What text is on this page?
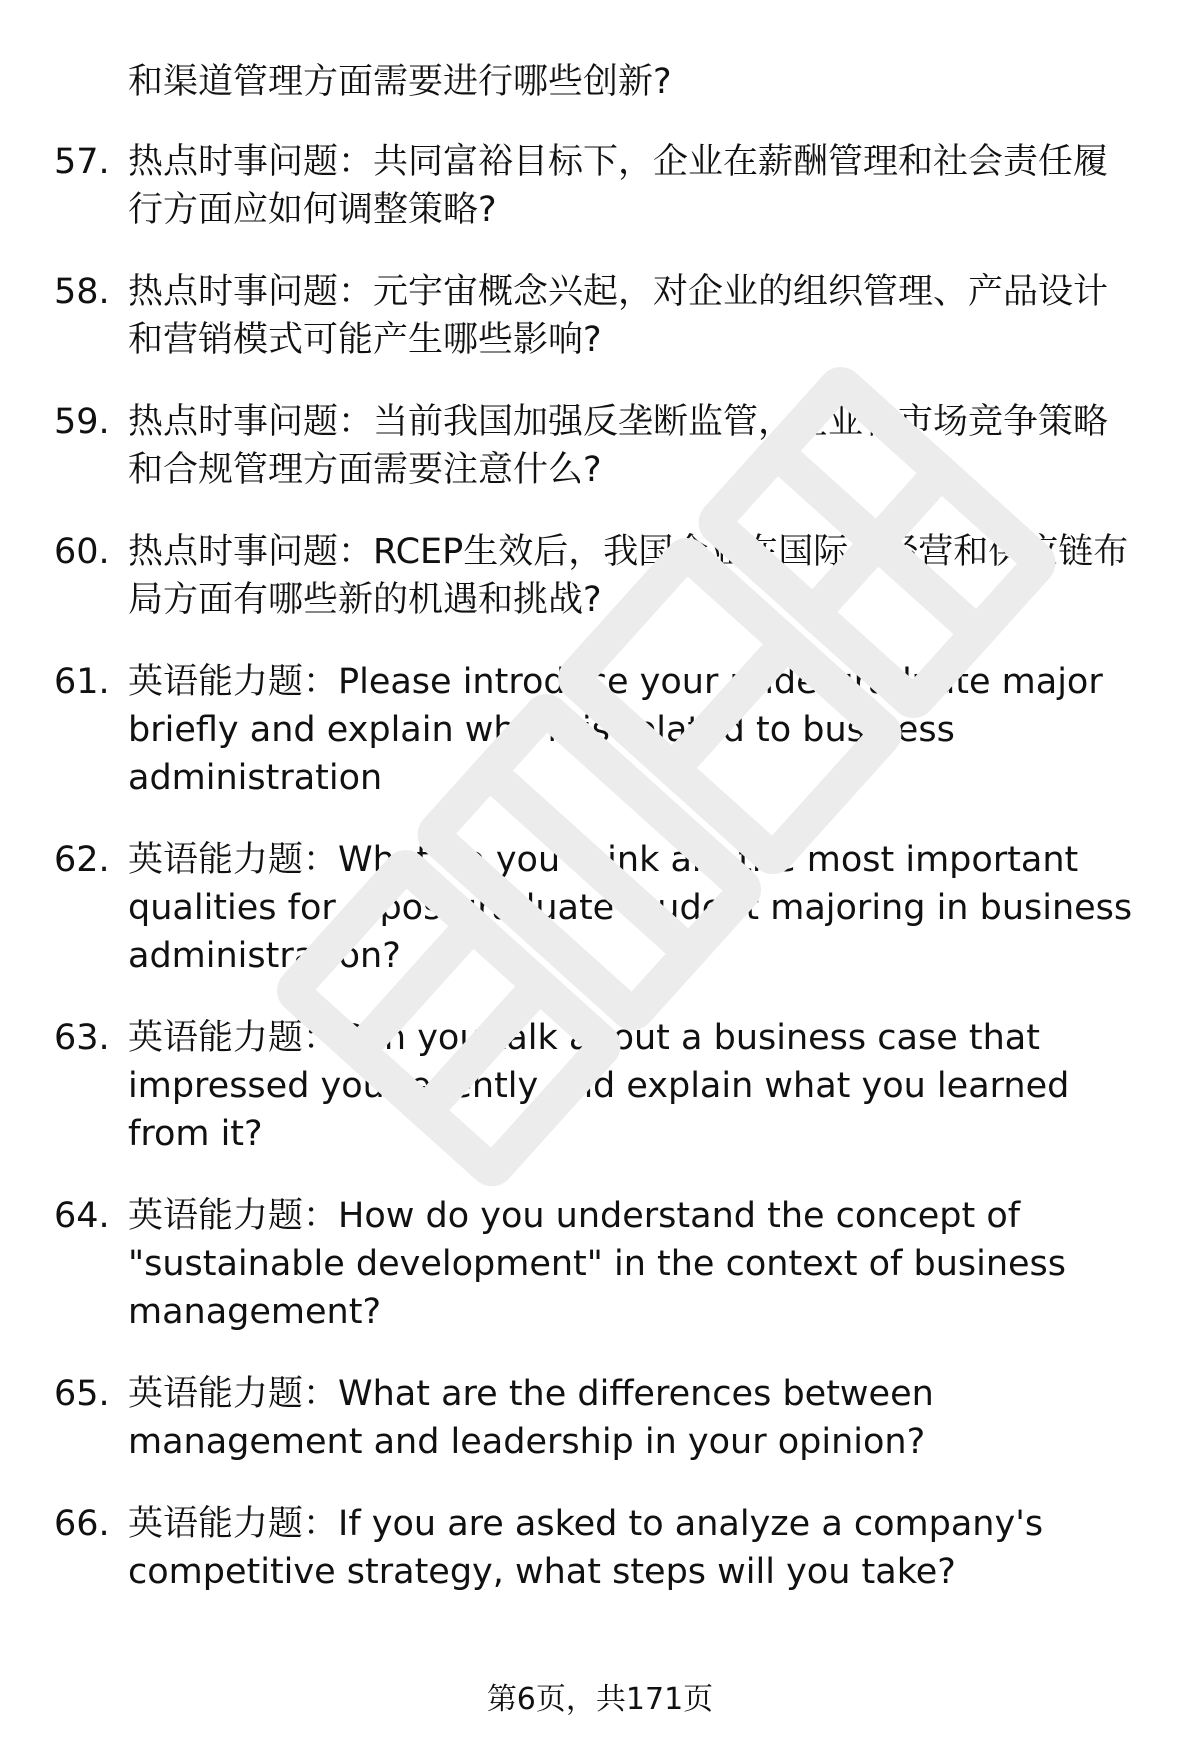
和渠道管理方面需要进行哪些创新?

57. 热点时事问题：共同富裕目标下，企业在薪酬管理和社会责任履行方面应如何调整策略?
58. 热点时事问题：元宇宙概念兴起，对企业的组织管理、产品设计和营销模式可能产生哪些影响?
59. 热点时事问题：当前我国加强反垄断监管，企业在市场竞争策略和合规管理方面需要注意什么?
60. 热点时事问题：RCEP生效后，我国企业在国际化经营和供应链布局方面有哪些新的机遇和挑战?
61. 英语能力题：Please introduce your undergraduate major briefly and explain why it is related to business administration
62. 英语能力题：What do you think are the most important qualities for a postgraduate student majoring in business administration?
63. 英语能力题：Can you talk about a business case that impressed you recently and explain what you learned from it?
64. 英语能力题：How do you understand the concept of "sustainable development" in the context of business management?
65. 英语能力题：What are the differences between management and leadership in your opinion?
66. 英语能力题：If you are asked to analyze a company's competitive strategy, what steps will you take?
第6页，共171页
